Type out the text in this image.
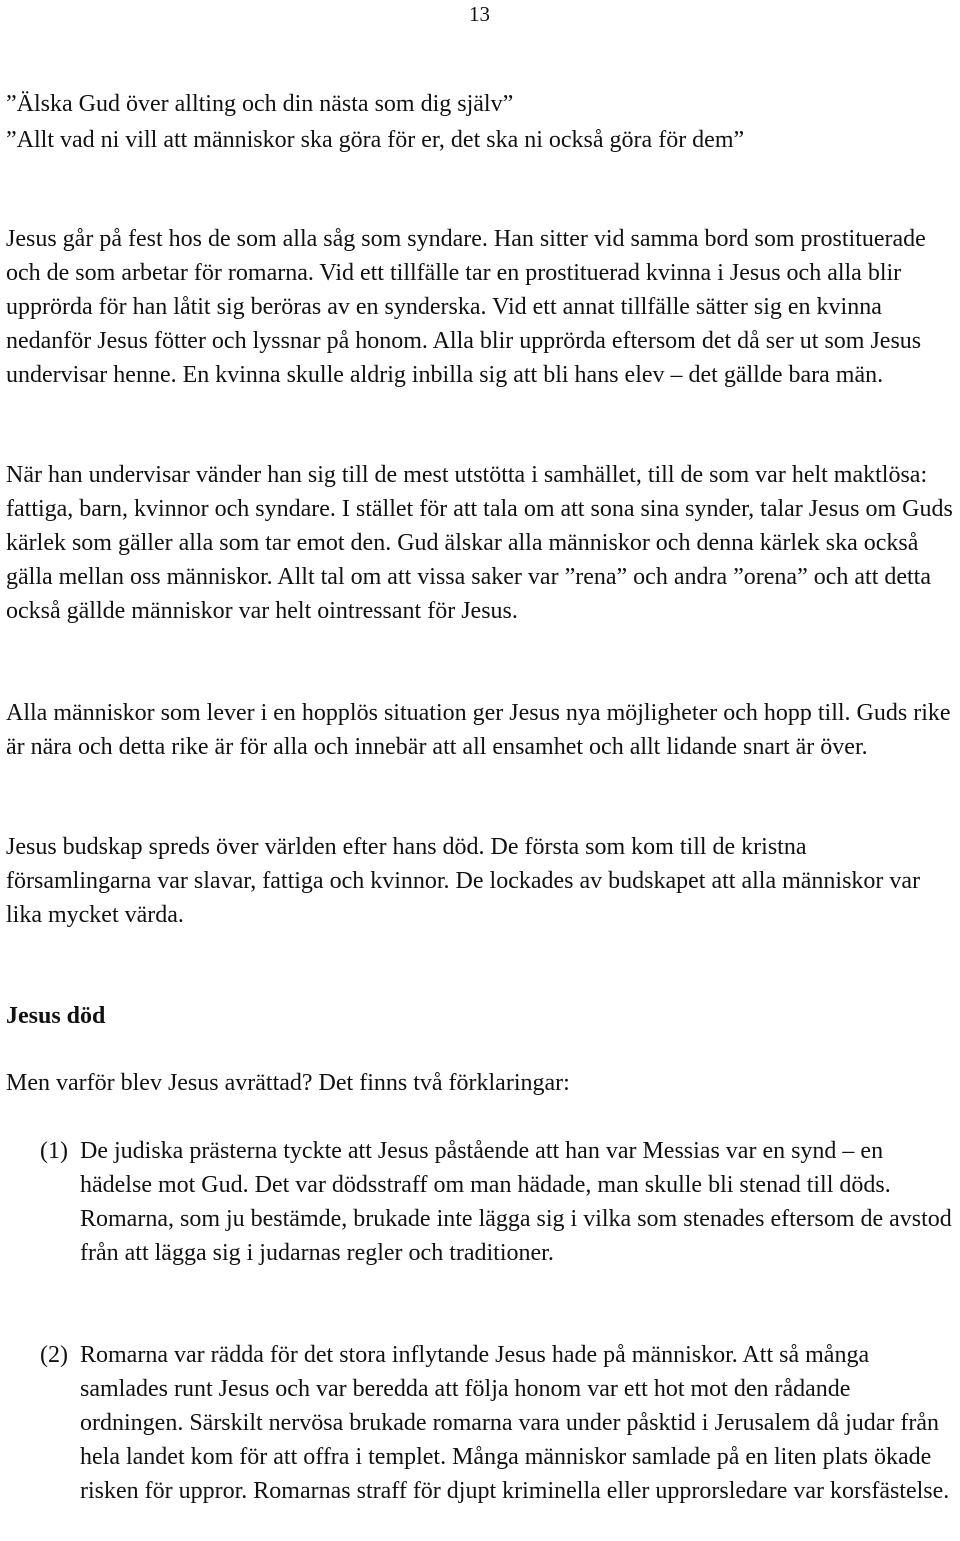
13

”Älska Gud över allting och din nästa som dig själv”

”Allt vad ni vill att människor ska göra för er, det ska ni också göra för dem”

Jesus går på fest hos de som alla såg som syndare. Han sitter vid samma bord som prostituerade och de som arbetar för romarna. Vid ett tillfälle tar en prostituerad kvinna i Jesus och alla blir upprörda för han låtit sig beröras av en synderska. Vid ett annat tillfälle sätter sig en kvinna nedanför Jesus fötter och lyssnar på honom. Alla blir upprörda eftersom det då ser ut som Jesus undervisar henne. En kvinna skulle aldrig inbilla sig att bli hans elev – det gällde bara män.

När han undervisar vänder han sig till de mest utstötta i samhället, till de som var helt maktlösa: fattiga, barn, kvinnor och syndare. I stället för att tala om att sona sina synder, talar Jesus om Guds kärlek som gäller alla som tar emot den. Gud älskar alla människor och denna kärlek ska också gälla mellan oss människor. Allt tal om att vissa saker var ”rena” och andra ”orena” och att detta också gällde människor var helt ointressant för Jesus.

Alla människor som lever i en hopplös situation ger Jesus nya möjligheter och hopp till. Guds rike är nära och detta rike är för alla och innebär att all ensamhet och allt lidande snart är över.

Jesus budskap spreds över världen efter hans död. De första som kom till de kristna församlingarna var slavar, fattiga och kvinnor. De lockades av budskapet att alla människor var lika mycket värda.

Jesus död

Men varför blev Jesus avrättad? Det finns två förklaringar:

(1) De judiska prästerna tyckte att Jesus påstående att han var Messias var en synd – en hädelse mot Gud. Det var dödsstraff om man hädade, man skulle bli stenad till döds. Romarna, som ju bestämde, brukade inte lägga sig i vilka som stenades eftersom de avstod från att lägga sig i judarnas regler och traditioner.

(2) Romarna var rädda för det stora inflytande Jesus hade på människor. Att så många samlades runt Jesus och var beredda att följa honom var ett hot mot den rådande ordningen. Särskilt nervösa brukade romarna vara under påsktid i Jerusalem då judar från hela landet kom för att offra i templet. Många människor samlade på en liten plats ökade risken för uppror. Romarnas straff för djupt kriminella eller upprorsledare var korsfästelse.
